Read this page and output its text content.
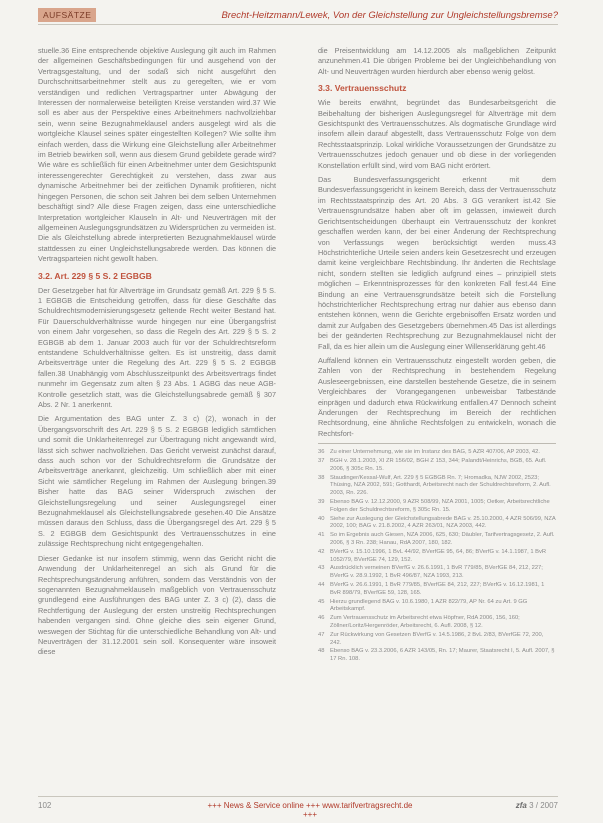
AUFSÄTZE	Brecht-Heitzmann/Lewek, Von der Gleichstellung zur Ungleichstellungsbremse?

stuelle.36 Eine entsprechende objektive Auslegung gilt auch im Rahmen der allgemeinen Geschäftsbedingungen für und ausgehend von der Vertragsgestaltung, und der sodaß sich nicht ausgeführt den Durchschnittsarbeitnehmer stellt aus zu geregelten, wie er vom verständigen und redlichen Vertragspartner unter Abwägung der Interessen der normalerweise beteiligten Kreise verstanden wird.37 Wie soll es aber aus der Perspektive eines Arbeitnehmers nachvollziehbar sein, wenn seine Bezugnahmeklausel anders ausgelegt wird als die wortgleiche Klausel seines später eingestellten Kollegen? Wie sollte ihm einfach werden, dass die Wirkung eine Gleichstellung aller Arbeitnehmer im Betrieb bewirken soll, wenn aus diesem Grund gebildete gerade wird? Wie wäre es schließlich für einen Arbeitnehmer unter dem Gesichtspunkt interessengerechter Gerechtigkeit zu verstehen, dass zwar aus dynamische Arbeitnehmer bei der zeitlichen Dynamik profitieren, nicht hingegen Personen, die schon seit Jahren bei dem selben Unternehmen beschäftigt sind? Alle diese Fragen zeigen, dass eine unterschiedliche Interpretation wortgleicher Klauseln in Alt- und Neuverträgen mit der allgemeinen Auslegungsgrundsätzen zu Widersprüchen zu vermeiden ist. Die als Gleichstellung abrede interpretierten Bezugnahmeklausel würde stattdessen zu einer Ungleichstellungsabrede werden. Das können die Vertragsparteien nicht gewollt haben.

3.2. Art. 229 § 5 S. 2 EGBGB

Der Gesetzgeber hat für Altverträge im Grundsatz gemäß Art. 229 § 5 S. 1 EGBGB die Entscheidung getroffen, dass für diese Geschäfte das Schuldrechtsmodernisierungsgesetz geltende Recht weiter Bestand hat. Für Dauerschuldverhältnisse wurde hingegen nur eine Übergangsfrist von einem Jahr vorgesehen, so dass die Regeln des Art. 229 § 5 S. 2 EGBGB ab dem 1. Januar 2003 auch für vor der Schuldrechtsreform entstandene Schuldverhältnisse gelten. Es ist unstreitig, dass damit Arbeitsverträge unter die Regelung des Art. 229 § 5 S. 2 EGBGB fallen.38 Unabhängig vom Abschlusszeitpunkt des Arbeitsvertrags findet nunmehr im Gegensatz zum alten § 23 Abs. 1 AGBG das neue AGB-Kontrolle gesetzlich statt, was die Gleichstellungsabrede gemäß § 307 Abs. 2 Nr. 1 anerkennt.

Die Argumentation des BAG unter Z. 3 c) (2), wonach in der Übergangsvorschrift des Art. 229 § 5 S. 2 EGBGB lediglich sämtlichen und somit die Unklarheitenregel zur Übertragung nicht angewandt wird, lässt sich schwer nachvollziehen. Das Gericht verweist zunächst darauf, dass auch schon vor der Schuldrechtsreform die Grundsätze der Arbeitsverträge anerkannt, gleichzeitig. Um schließlich aber mit einer Sicht wie sämtlicher Regelung im Rahmen der Auslegung bringen.39 Bisher hatte das BAG seiner Widerspruch zwischen der Gleichstellungsregelung und seiner Auslegungsregel einer Bezugnahmeklausel als Gleichstellungsabrede gesehen.40 Die Ansätze müssen daraus den Schluss, dass die Übergangsregel des Art. 229 § 5 S. 2 EGBGB dem Gesichtspunkt des Vertrauensschutzes in eine zulässige Rechtsprechung nicht entgegengehalten.

Dieser Gedanke ist nur insofern stimmig, wenn das Gericht nicht die Anwendung der Unklarheitenregel an sich als Grund für die Rechtsprechungsänderung anführen, sondern das Verständnis von der sogenannten Bezugnahmeklauseln maßgeblich von Vertrauensschutz grundlegend eine Ausführungen des BAG unter Z. 3 c) (2), dass die Rechtfertigung der Auslegung der ersten unstreitig Rechtsprechungen habenden vergangen sind. Ohne gleiche dies sein eigener Grund, weswegen der Stichtag für die unterschiedliche Behandlung von Alt- und Neuverträgen der 31.12.2001 sein soll. Konsequenter wäre insoweit diese

die Preisentwicklung am 14.12.2005 als maßgeblichen Zeitpunkt anzunehmen.41 Die übrigen Probleme bei der Ungleichbehandlung von Alt- und Neuverträgen wurden hierdurch aber ebenso wenig gelöst.

3.3. Vertrauensschutz

Wie bereits erwähnt, begründet das Bundesarbeitsgericht die Beibehaltung der bisherigen Auslegungsregel für Altverträge mit dem Gesichtspunkt des Vertrauensschutzes. Als dogmatische Grundlage wird insofern allein darauf abgestellt, dass Vertrauensschutz Folge von dem Rechtsstaatsprinzip. Lokal wirkliche Voraussetzungen der Grundsätze zu Vertrauensschutzes jedoch genauer und ob diese in der vorliegenden Konstellation erfüllt sind, wird vom BAG nicht erörtert.

Das Bundesverfassungsgericht erkennt mit dem Bundesverfassungsgericht in keinem Bereich, dass der Vertrauensschutz im Rechtsstaatsprinzip des Art. 20 Abs. 3 GG verankert ist.42 Sie Vertrauensgrundsätze haben aber oft im gelassen, inwieweit durch Gerichtsentscheidungen überhaupt ein Vertrauensschutz der konkret geschaffen werden kann, der bei einer Änderung der Rechtsprechung von Verfassungs wegen berücksichtigt werden muss.43 Höchstrichterliche Urteile seien anders kein Gesetzesrecht und erzeugen damit keine vergleichbare Rechtsbindung. Ihr änderten die Rechtslage nicht, sondern stellten sie lediglich aufgrund eines – prinzipiell stets möglichen – Erkenntnisprozesses für den konkreten Fall fest.44 Eine Bindung an eine Vertrauensgrundsätze beteilt sich die Forstellung höchstrichterlicher Rechtsprechung ertrag nur dahier aus ebenso dann entstehen können, wenn die Gerichte ergebnisoffen Ersatz worden und damit zur Aufgaben des Gesetzgebers übernehmen.45 Das ist allerdings bei der geänderten Rechtsprechung zur Bezugnahmeklausel nicht der Fall, da es hier allein um die Auslegung einer Willenserklärung geht.46

Auffallend können ein Vertrauensschutz eingestellt worden geben, die Zahlen von der Rechtsprechung in bestehendem Regelung Ausleseergebnissen, eine darstellen bestehende Gesetze, die in seinem Vergleichbares der Vorangegangenen unbeweisbar Tatbestände einprägen und dadurch etwa Rückwirkung entfallen.47 Dennoch scheint Änderungen der Rechtsprechung im Bereich der rechtlichen Rechtsordnung, eine ähnliche Rechtsfolgen zu entwickeln, wonach die Rechtsfort-

36 Zu einer Unternehmung, wie sie im Instanz des BAG, 5 AZR 407/06, AP 2003, 42.
37 BGH v. 28.1.2003, XI ZR 156/02, BGH Z 153, 344; Palandt/Heinrichs, BGB, 65. Aufl. 2006, § 305c Rn. 15.
38 Staudinger/Kessal-Wulf, Art. 229 § 5 EGBGB Rn. 7; Hromadka, NJW 2002, 2523; Thüsing, NZA 2002, 591; Gotthardt, Arbeitsrecht nach der Schuldrechtsreform, 2. Aufl. 2003, Rn. 226.
39 Ebenso BAG v. 12.12.2000, 9 AZR 508/99, NZA 2001, 1005; Oetker, Arbeitsrechtliche Folgen der Schuldrechtsreform, § 305c Rn. 15.
40 Siehe zur Auslegung der Gleichstellungsabrede BAG v. 25.10.2000, 4 AZR 506/99, NZA 2002, 100; BAG v. 21.8.2002, 4 AZR 263/01, NZA 2003, 442.
41 So im Ergebnis auch Giesen, NZA 2006, 625, 630; Däubler, Tarifvertragsgesetz, 2. Aufl. 2006, § 3 Rn. 238; Hanau, RdA 2007, 180, 182.
42 BVerfG v. 15.10.1996, 1 BvL 44/92, BVerfGE 95, 64, 86; BVerfG v. 14.1.1987, 1 BvR 1052/79, BVerfGE 74, 129, 152.
43 Ausdrücklich verneinen BVerfG v. 26.6.1991, 1 BvR 779/85, BVerfGE 84, 212, 227; BVerfG v. 28.9.1992, 1 BvR 496/87, NZA 1993, 213.
44 BVerfG v. 26.6.1991, 1 BvR 779/85, BVerfGE 84, 212, 227; BVerfG v. 16.12.1981, 1 BvR 898/79, BVerfGE 59, 128, 165.
45 Hierzu grundlegend BAG v. 10.6.1980, 1 AZR 822/79, AP Nr. 64 zu Art. 9 GG Arbeitskampf.
46 Zum Vertrauensschutz im Arbeitsrecht etwa Höpfner, RdA 2006, 156, 160; Zöllner/Loritz/Hergenröder, Arbeitsrecht, 6. Aufl. 2008, § 12.
47 Zur Rückwirkung von Gesetzen BVerfG v. 14.5.1986, 2 BvL 2/83, BVerfGE 72, 200, 242.
48 Ebenso BAG v. 23.3.2006, 6 AZR 143/05, Rn. 17; Maurer, Staatsrecht I, 5. Aufl. 2007, § 17 Rn. 108.
102	+++ News & Service online +++ www.tarifvertragsrecht.de +++
zfa 3 / 2007
